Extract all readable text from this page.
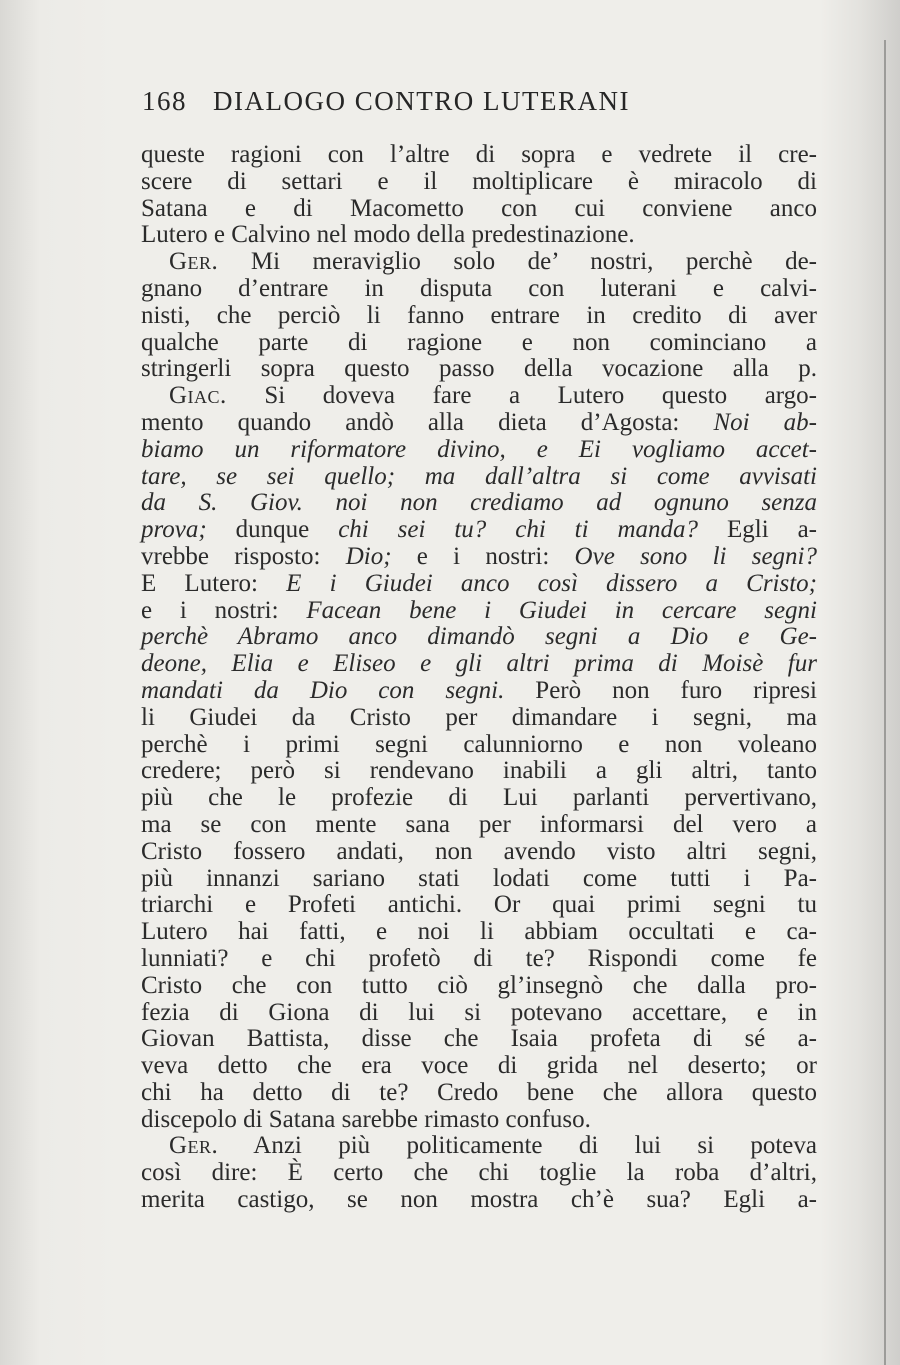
168 DIALOGO CONTRO LUTERANI
queste ragioni con l’altre di sopra e vedrete il cre-
scere di settari e il moltiplicare è miracolo di
Satana e di Macometto con cui conviene anco
Lutero e Calvino nel modo della predestinazione.
Ger. Mi meraviglio solo de’ nostri, perchè de-
gnano d’entrare in disputa con luterani e calvi-
nisti, che perciò li fanno entrare in credito di aver
qualche parte di ragione e non cominciano a
stringerli sopra questo passo della vocazione alla p.
Giac. Si doveva fare a Lutero questo argo-
mento quando andò alla dieta d’Agosta: Noi ab-
biamo un riformatore divino, e Ei vogliamo accet-
tare, se sei quello; ma dall’altra si come avvisati
da S. Giov. noi non crediamo ad ognuno senza
prova; dunque chi sei tu? chi ti manda? Egli a-
vrebbe risposto: Dio; e i nostri: Ove sono li segni?
E Lutero: E i Giudei anco così dissero a Cristo;
e i nostri: Facean bene i Giudei in cercare segni
perchè Abramo anco dimandò segni a Dio e Ge-
deone, Elia e Eliseo e gli altri prima di Moisè fur
mandati da Dio con segni. Però non furo ripresi
li Giudei da Cristo per dimandare i segni, ma
perchè i primi segni calunniorno e non voleano
credere; però si rendevano inabili a gli altri, tanto
più che le profezie di Lui parlanti pervertivano,
ma se con mente sana per informarsi del vero a
Cristo fossero andati, non avendo visto altri segni,
più innanzi sariano stati lodati come tutti i Pa-
triarchi e Profeti antichi. Or quai primi segni tu
Lutero hai fatti, e noi li abbiam occultati e ca-
lunniati? e chi profetò di te? Rispondi come fe
Cristo che con tutto ciò gl’insegnò che dalla pro-
fezia di Giona di lui si potevano accettare, e in
Giovan Battista, disse che Isaia profeta di sé a-
veva detto che era voce di grida nel deserto; or
chi ha detto di te? Credo bene che allora questo
discepolo di Satana sarebbe rimasto confuso.
Ger. Anzi più politicamente di lui si poteva
così dire: È certo che chi toglie la roba d’altri,
merita castigo, se non mostra ch’è sua? Egli a-
